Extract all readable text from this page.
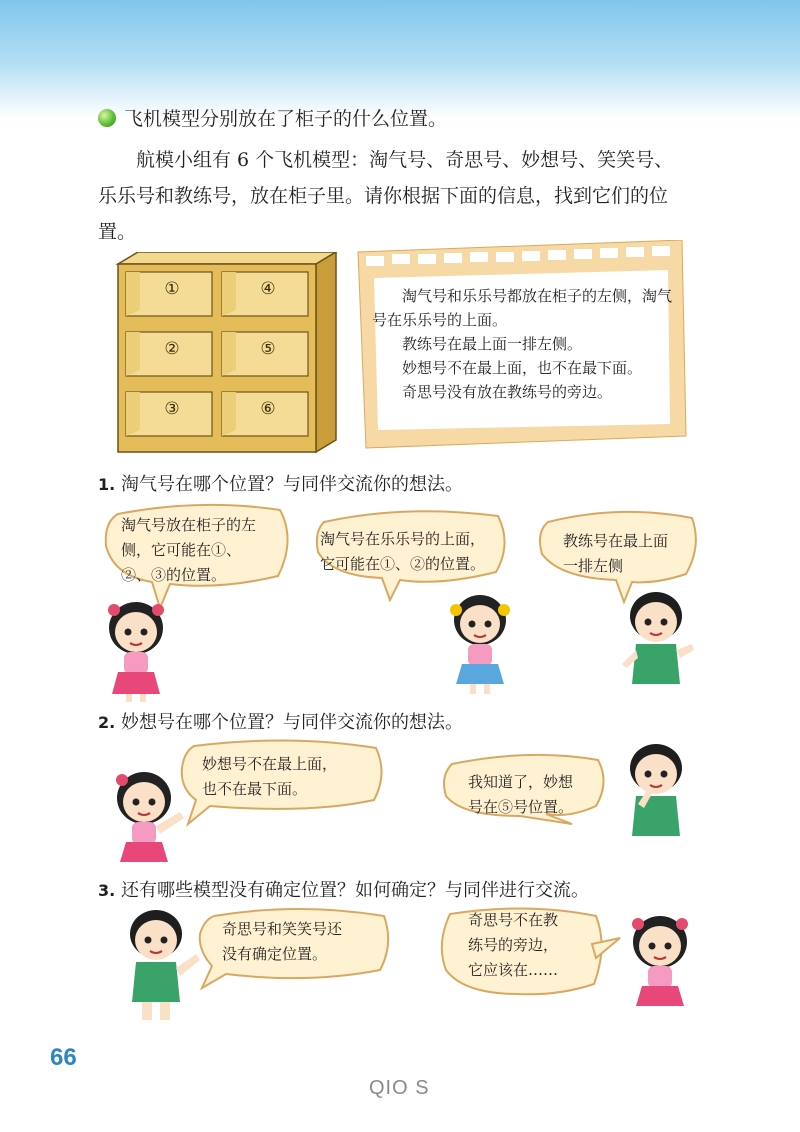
飞机模型分别放在了柜子的什么位置。
航模小组有 6 个飞机模型：淘气号、奇思号、妙想号、笑笑号、乐乐号和教练号，放在柜子里。请你根据下面的信息，找到它们的位置。
①
②
③
④
⑤
⑥

淘气号和乐乐号都放在柜子的左侧，淘气号在乐乐号的上面。

教练号在最上面一排左侧。

妙想号不在最上面，也不在最下面。

奇思号没有放在教练号的旁边。

1. 淘气号在哪个位置？与同伴交流你的想法。
淘气号放在柜子的左
侧，它可能在①、
②、③的位置。
淘气号在乐乐号的上面，
它可能在①、②的位置。
教练号在最上面
一排左侧
2. 妙想号在哪个位置？与同伴交流你的想法。
妙想号不在最上面，
也不在最下面。	我知道了，妙想
号在⑤号位置。
3. 还有哪些模型没有确定位置？如何确定？与同伴进行交流。
奇思号和笑笑号还
没有确定位置。
奇思号不在教
练号的旁边，
它应该在……
66
QIO S
